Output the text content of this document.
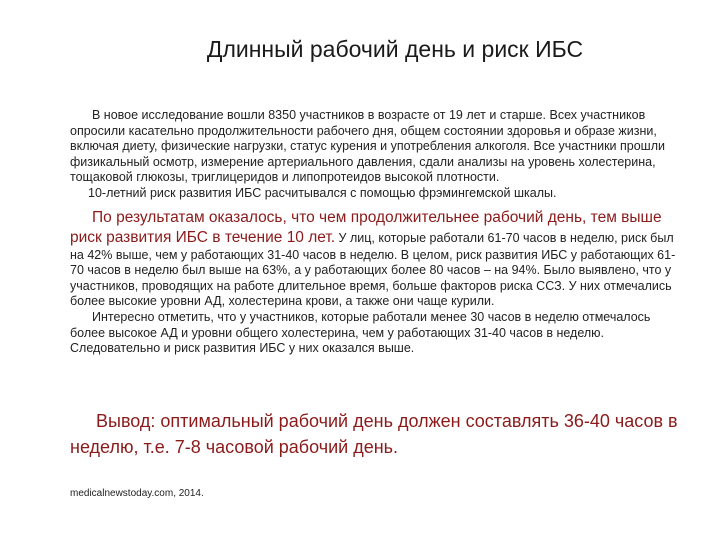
Длинный рабочий день и риск ИБС

В новое исследование вошли 8350 участников в возрасте от 19 лет и старше. Всех участников опросили касательно продолжительности рабочего дня, общем состоянии здоровья и образе жизни, включая диету, физические нагрузки, статус курения и употребления алкоголя. Все участники прошли физикальный осмотр, измерение артериального давления, сдали анализы на уровень холестерина, тощаковой глюкозы, триглицеридов и липопротеидов высокой плотности.

10-летний риск развития ИБС расчитывался с помощью фрэмингемской шкалы.

По результатам оказалось, что чем продолжительнее рабочий день, тем выше риск развития ИБС в течение 10 лет. У лиц, которые работали 61-70 часов в неделю, риск был на 42% выше, чем у работающих 31-40 часов в неделю. В целом, риск развития ИБС у работающих 61-70 часов в неделю был выше на 63%, а у работающих более 80 часов – на 94%. Было выявлено, что у участников, проводящих на работе длительное время, больше факторов риска ССЗ. У них отмечались более высокие уровни АД, холестерина крови, а также они чаще курили.

Интересно отметить, что у участников, которые работали менее 30 часов в неделю отмечалось более высокое АД и уровни общего холестерина, чем у работающих 31-40 часов в неделю. Следовательно и риск развития ИБС у них оказался выше.

Вывод: оптимальный рабочий день должен составлять 36-40 часов в неделю, т.е. 7-8 часовой рабочий день.
medicalnewstoday.com, 2014.
